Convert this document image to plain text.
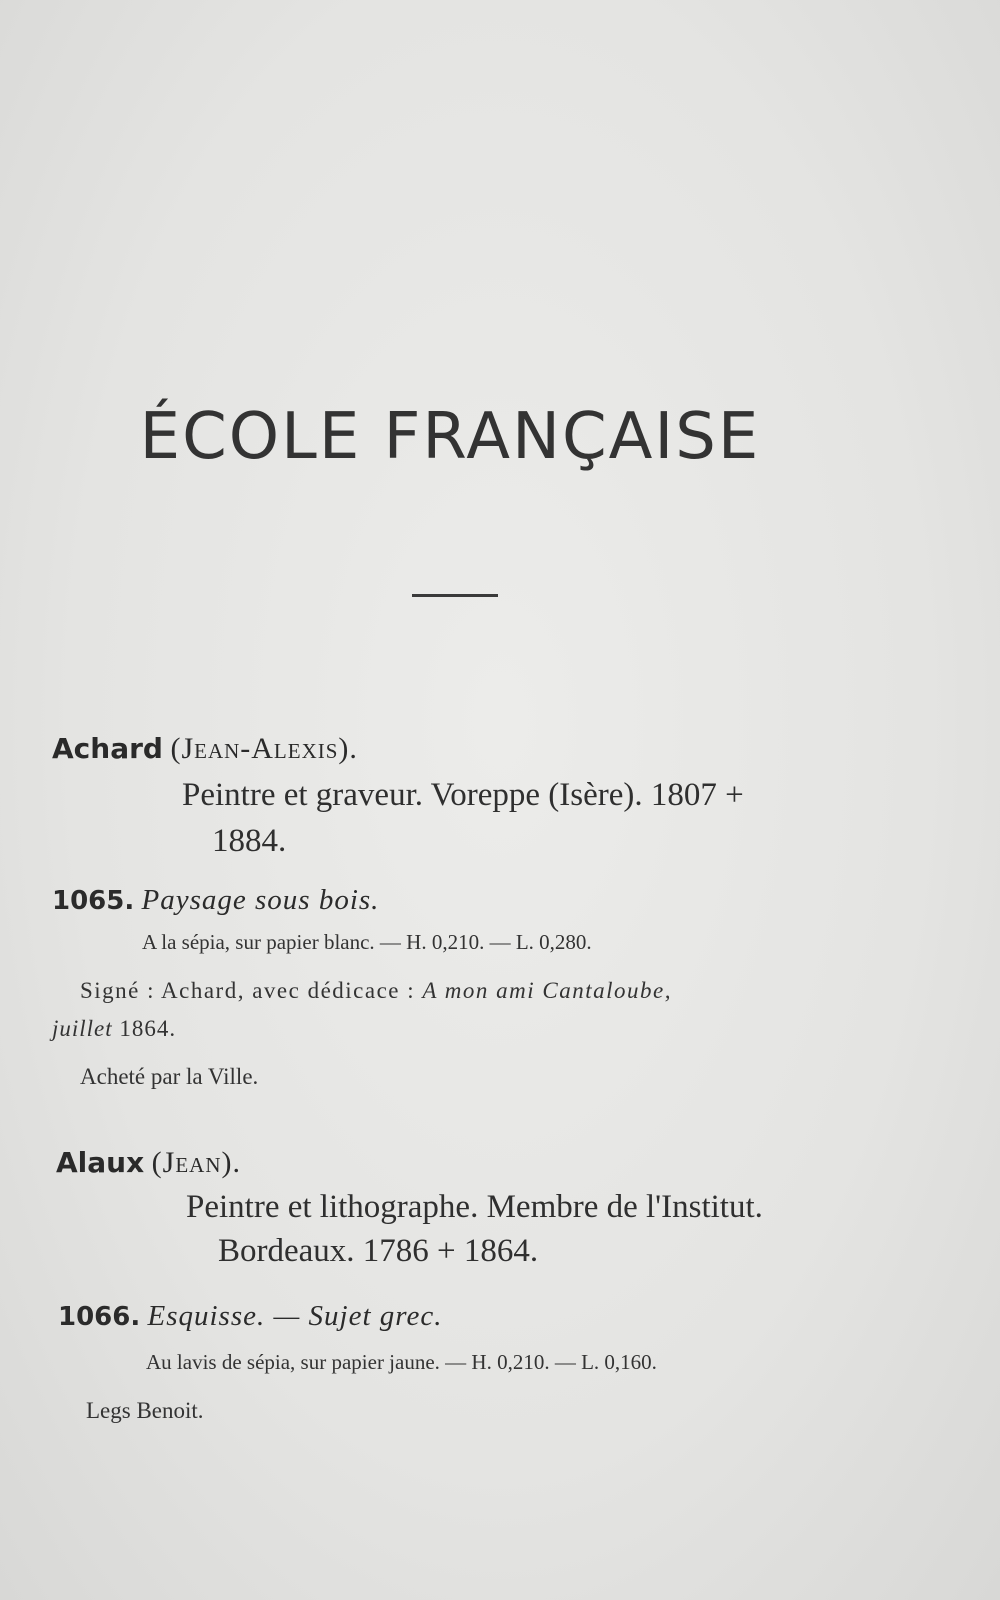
ÉCOLE FRANÇAISE
Achard (Jean-Alexis).
Peintre et graveur. Voreppe (Isère). 1807 +
1884.
1065. Paysage sous bois.
A la sépia, sur papier blanc. — H. 0,210. — L. 0,280.
Signé : Achard, avec dédicace : A mon ami Cantaloube,
juillet 1864.
Acheté par la Ville.
Alaux (Jean).
Peintre et lithographe. Membre de l'Institut.
Bordeaux. 1786 + 1864.
1066. Esquisse. — Sujet grec.
Au lavis de sépia, sur papier jaune. — H. 0,210. — L. 0,160.
Legs Benoit.
